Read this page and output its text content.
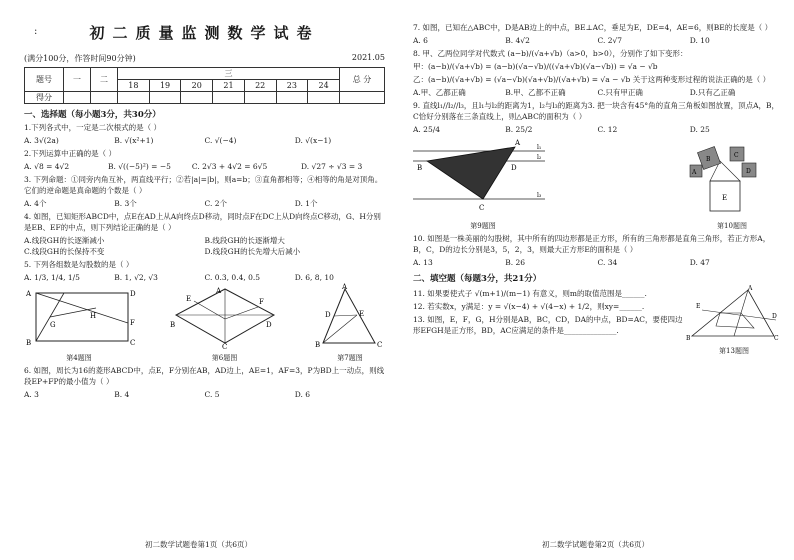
:	初二质量监测数学试卷
(满分100分，作答时间90分钟)	2021.05
题号	一	二	三							总 分
			18	19	20	21	22	23	24	
得分										
一、选择题（每小题3分，共30分）
1.下列各式中，一定是二次根式的是（ ）
A. 3√(2a)	B. √(x²+1)	C. √(−4)	D. √(x−1)
2.下列运算中正确的是（ ）
A. √8 = 4√2	B. √((−5)²) = −5	C. 2√3 + 4√2 = 6√5	D. √27 ÷ √3 = 3
3. 下列命题：①同旁内角互补，两直线平行；②若|a|=|b|，则a=b；③直角都相等；④相等的角是对顶角。它们的逆命题是真命题的个数是（ ）
A. 4个	B. 3个	C. 2个	D. 1个
4. 如图，已知矩形ABCD中，点E在AD上从A向终点D移动，同时点F在DC上从D向终点C移动，G、H分别是EB、EF的中点，则下列结论正确的是（ ）
A.线段GH的长逐渐减小	B.线段GH的长逐渐增大
C.线段GH的长保持不变	D.线段GH的长先增大后减小
5. 下列各组数是勾股数的是（ ）
A. 1/3, 1/4, 1/5	B. 1, √2, √3	C. 0.3, 0.4, 0.5	D. 6, 8, 10
A	D
B	C
F
G
H
第4题图
E	F
A
D
B
C
第6题图
A
E
D
B	C
第7题图
6. 如图，周长为16的菱形ABCD中，点E，F分别在AB，AD边上，AE=1，AF=3，P为BD上一动点，则线段EP+FP的最小值为（ ）
A. 3	B. 4	C. 5	D. 6
初二数学试题卷第1页（共6页）
7. 如图，已知在△ABC中，D是AB边上的中点，BE⊥AC，垂足为E，DE=4，AE=6，则BE的长度是（ ）
A. 6	B. 4√2	C. 2√7	D. 10
8. 甲、乙两位同学对代数式 (a−b)/(√a+√b)（a>0，b>0），分别作了如下变形：
甲：(a−b)/(√a+√b) = (a−b)(√a−√b)/((√a+√b)(√a−√b)) = √a − √b
乙：(a−b)/(√a+√b) = (√a−√b)(√a+√b)/(√a+√b) = √a − √b 关于这两种变形过程的说法正确的是（ ）
A.甲、乙都正确	B.甲、乙都不正确	C.只有甲正确	D.只有乙正确
9. 直线l₁//l₂//l₃，且l₁与l₂的距离为1，l₂与l₃的距离为3. 把一块含有45°角的直角三角板如图放置，顶点A，B，C恰好分别落在三条直线上，则△ABC的面积为（ ）
A. 25/4	B. 25/2	C. 12	D. 25
A
B	D
C
l₁
l₂
l₃
第9题图
A
B
C
D
E
第10题图
10. 如图是一株美丽的勾股树，其中所有的四边形都是正方形，所有的三角形都是直角三角形，若正方形A，B，C，D的边长分别是3，5，2，3，则最大正方形E的面积是（ ）
A. 13	B. 26	C. 34	D. 47
二、填空题（每题3分，共21分）
11. 如果要使式子 √(m+1)/(m−1) 有意义，则m的取值范围是______.
12. 若实数x，y满足：y = √(x−4) + √(4−x) + 1/2，则xy=______.
13. 如图，E，F，G，H分别是AB，BC，CD，DA的中点，BD=AC，要使四边形EFGH是正方形，BD，AC应满足的条件是______________.
A
E
B	C
D
第13题图
初二数学试题卷第2页（共6页）
